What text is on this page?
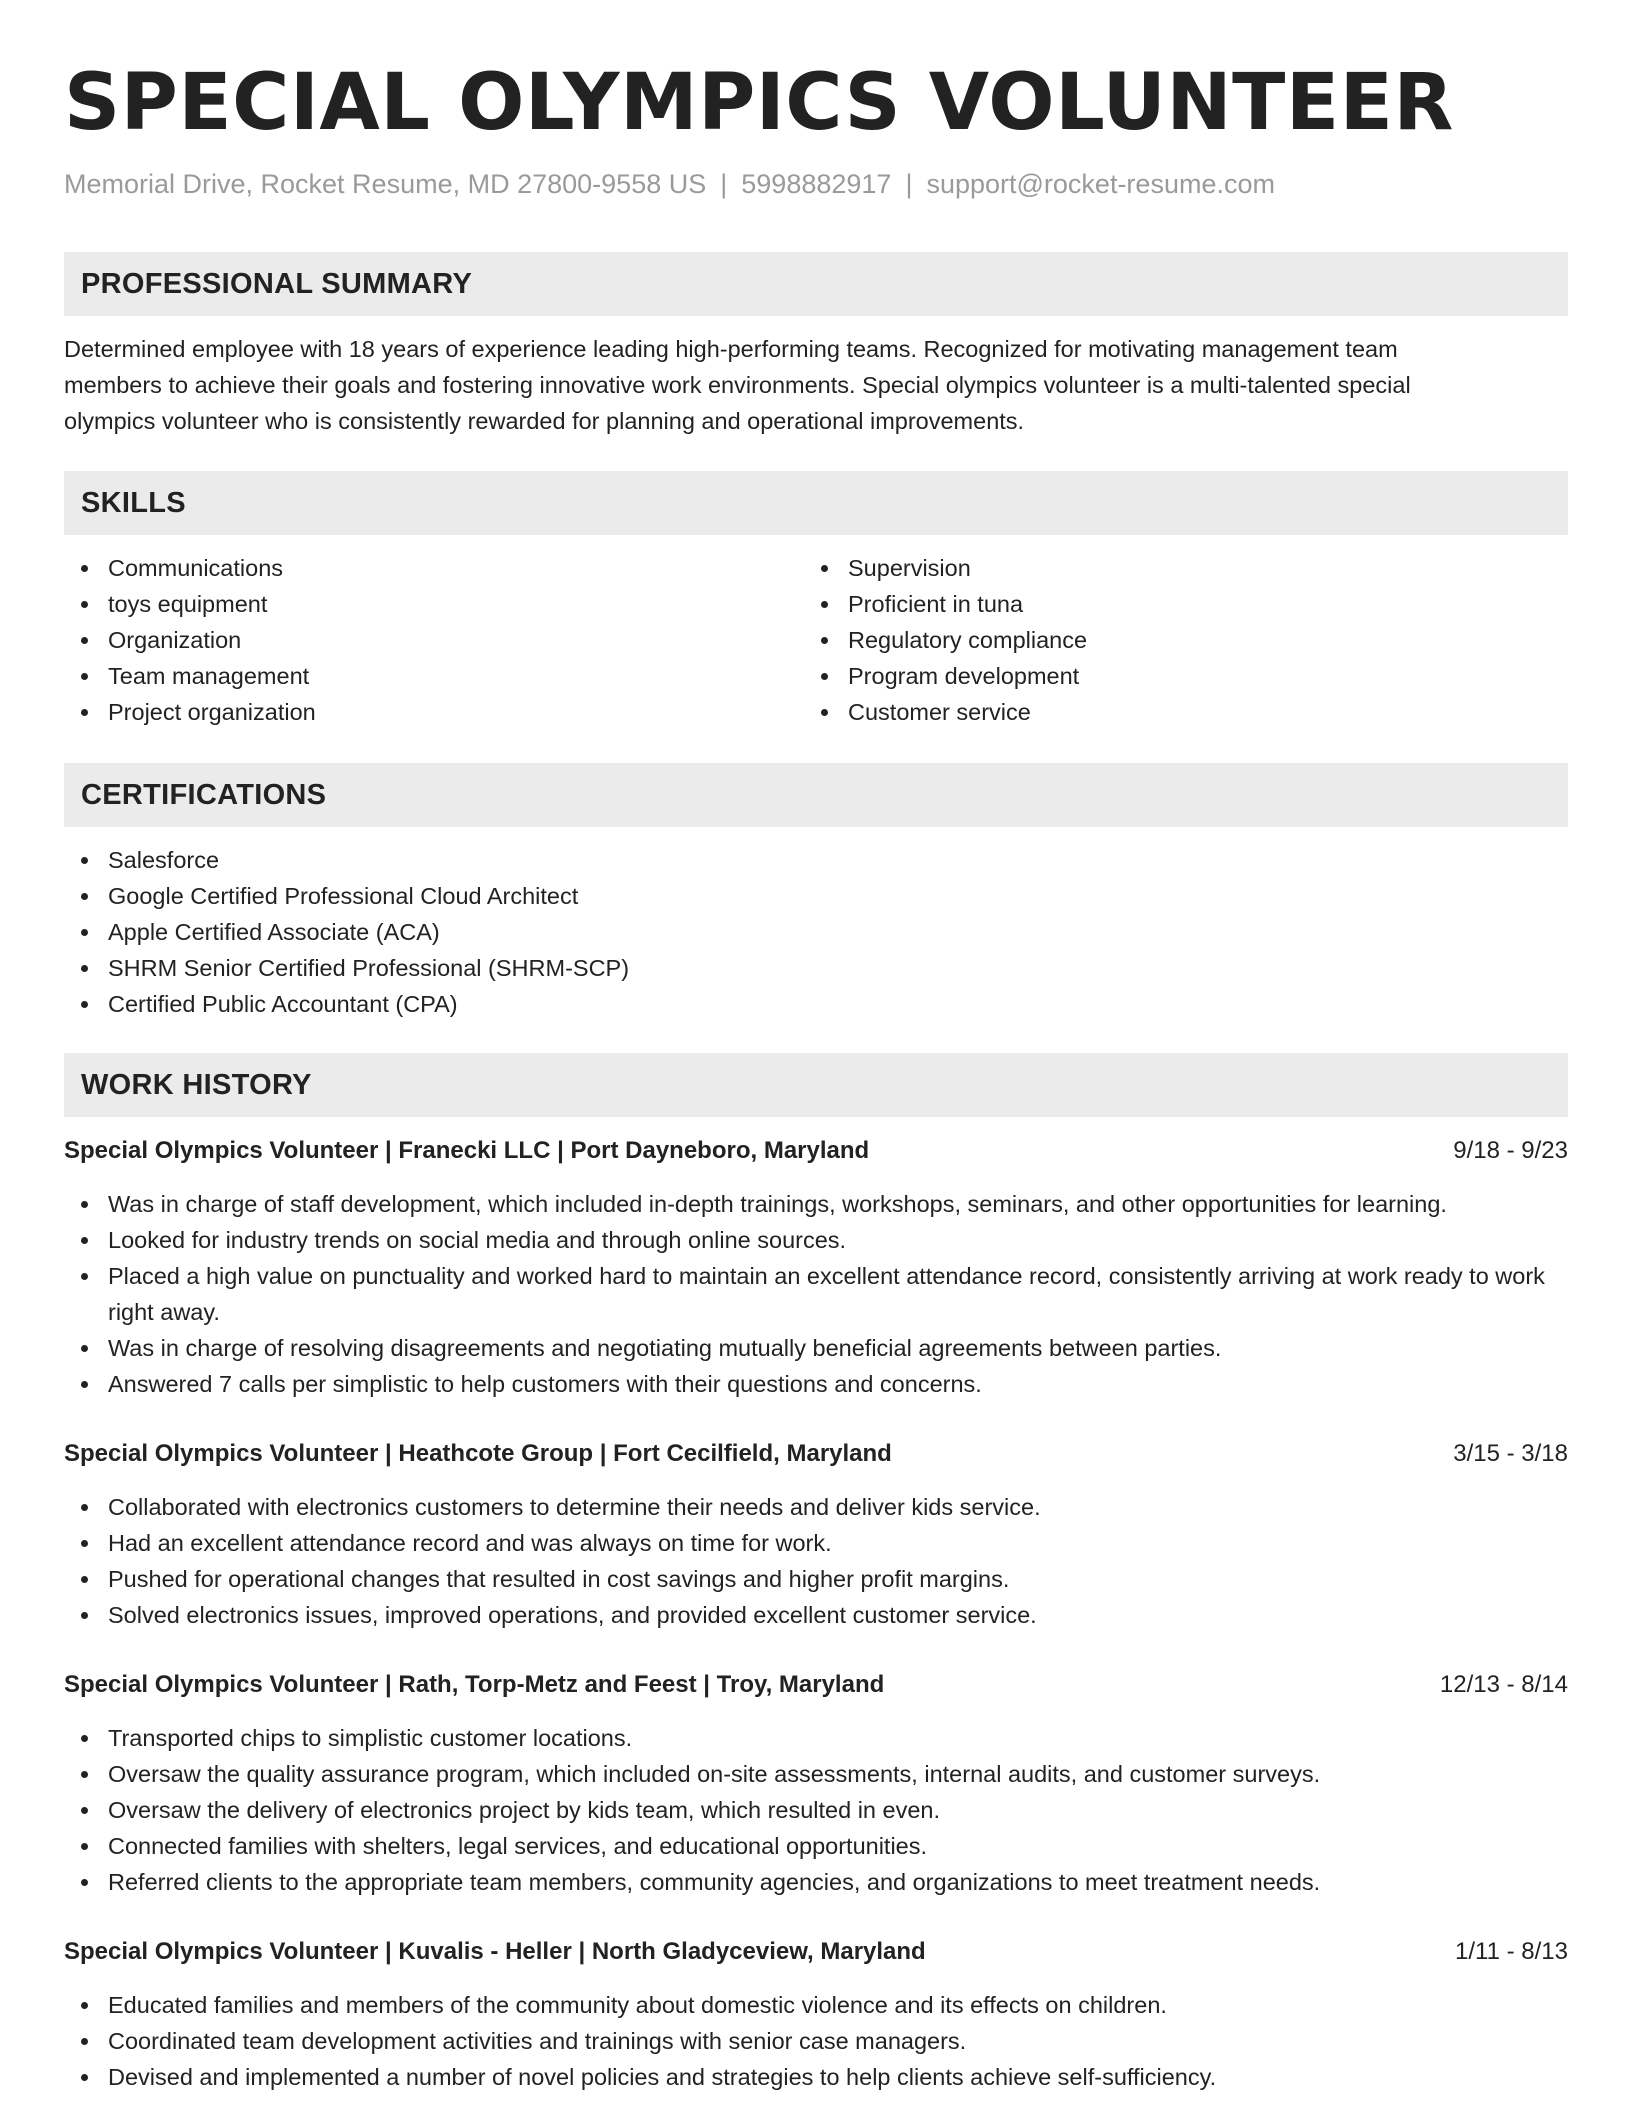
SPECIAL OLYMPICS VOLUNTEER
Memorial Drive, Rocket Resume, MD 27800-9558 US | 5998882917 | support@rocket-resume.com
PROFESSIONAL SUMMARY
Determined employee with 18 years of experience leading high-performing teams. Recognized for motivating management team
members to achieve their goals and fostering innovative work environments. Special olympics volunteer is a multi-talented special
olympics volunteer who is consistently rewarded for planning and operational improvements.
SKILLS
Communications
toys equipment
Organization
Team management
Project organization
Supervision
Proficient in tuna
Regulatory compliance
Program development
Customer service
CERTIFICATIONS
Salesforce
Google Certified Professional Cloud Architect
Apple Certified Associate (ACA)
SHRM Senior Certified Professional (SHRM-SCP)
Certified Public Accountant (CPA)
WORK HISTORY
Special Olympics Volunteer | Franecki LLC | Port Dayneboro, Maryland	9/18 - 9/23
Was in charge of staff development, which included in-depth trainings, workshops, seminars, and other opportunities for learning.
Looked for industry trends on social media and through online sources.
Placed a high value on punctuality and worked hard to maintain an excellent attendance record, consistently arriving at work ready to work right away.
Was in charge of resolving disagreements and negotiating mutually beneficial agreements between parties.
Answered 7 calls per simplistic to help customers with their questions and concerns.
Special Olympics Volunteer | Heathcote Group | Fort Cecilfield, Maryland	3/15 - 3/18
Collaborated with electronics customers to determine their needs and deliver kids service.
Had an excellent attendance record and was always on time for work.
Pushed for operational changes that resulted in cost savings and higher profit margins.
Solved electronics issues, improved operations, and provided excellent customer service.
Special Olympics Volunteer | Rath, Torp-Metz and Feest | Troy, Maryland	12/13 - 8/14
Transported chips to simplistic customer locations.
Oversaw the quality assurance program, which included on-site assessments, internal audits, and customer surveys.
Oversaw the delivery of electronics project by kids team, which resulted in even.
Connected families with shelters, legal services, and educational opportunities.
Referred clients to the appropriate team members, community agencies, and organizations to meet treatment needs.
Special Olympics Volunteer | Kuvalis - Heller | North Gladyceview, Maryland	1/11 - 8/13
Educated families and members of the community about domestic violence and its effects on children.
Coordinated team development activities and trainings with senior case managers.
Devised and implemented a number of novel policies and strategies to help clients achieve self-sufficiency.
